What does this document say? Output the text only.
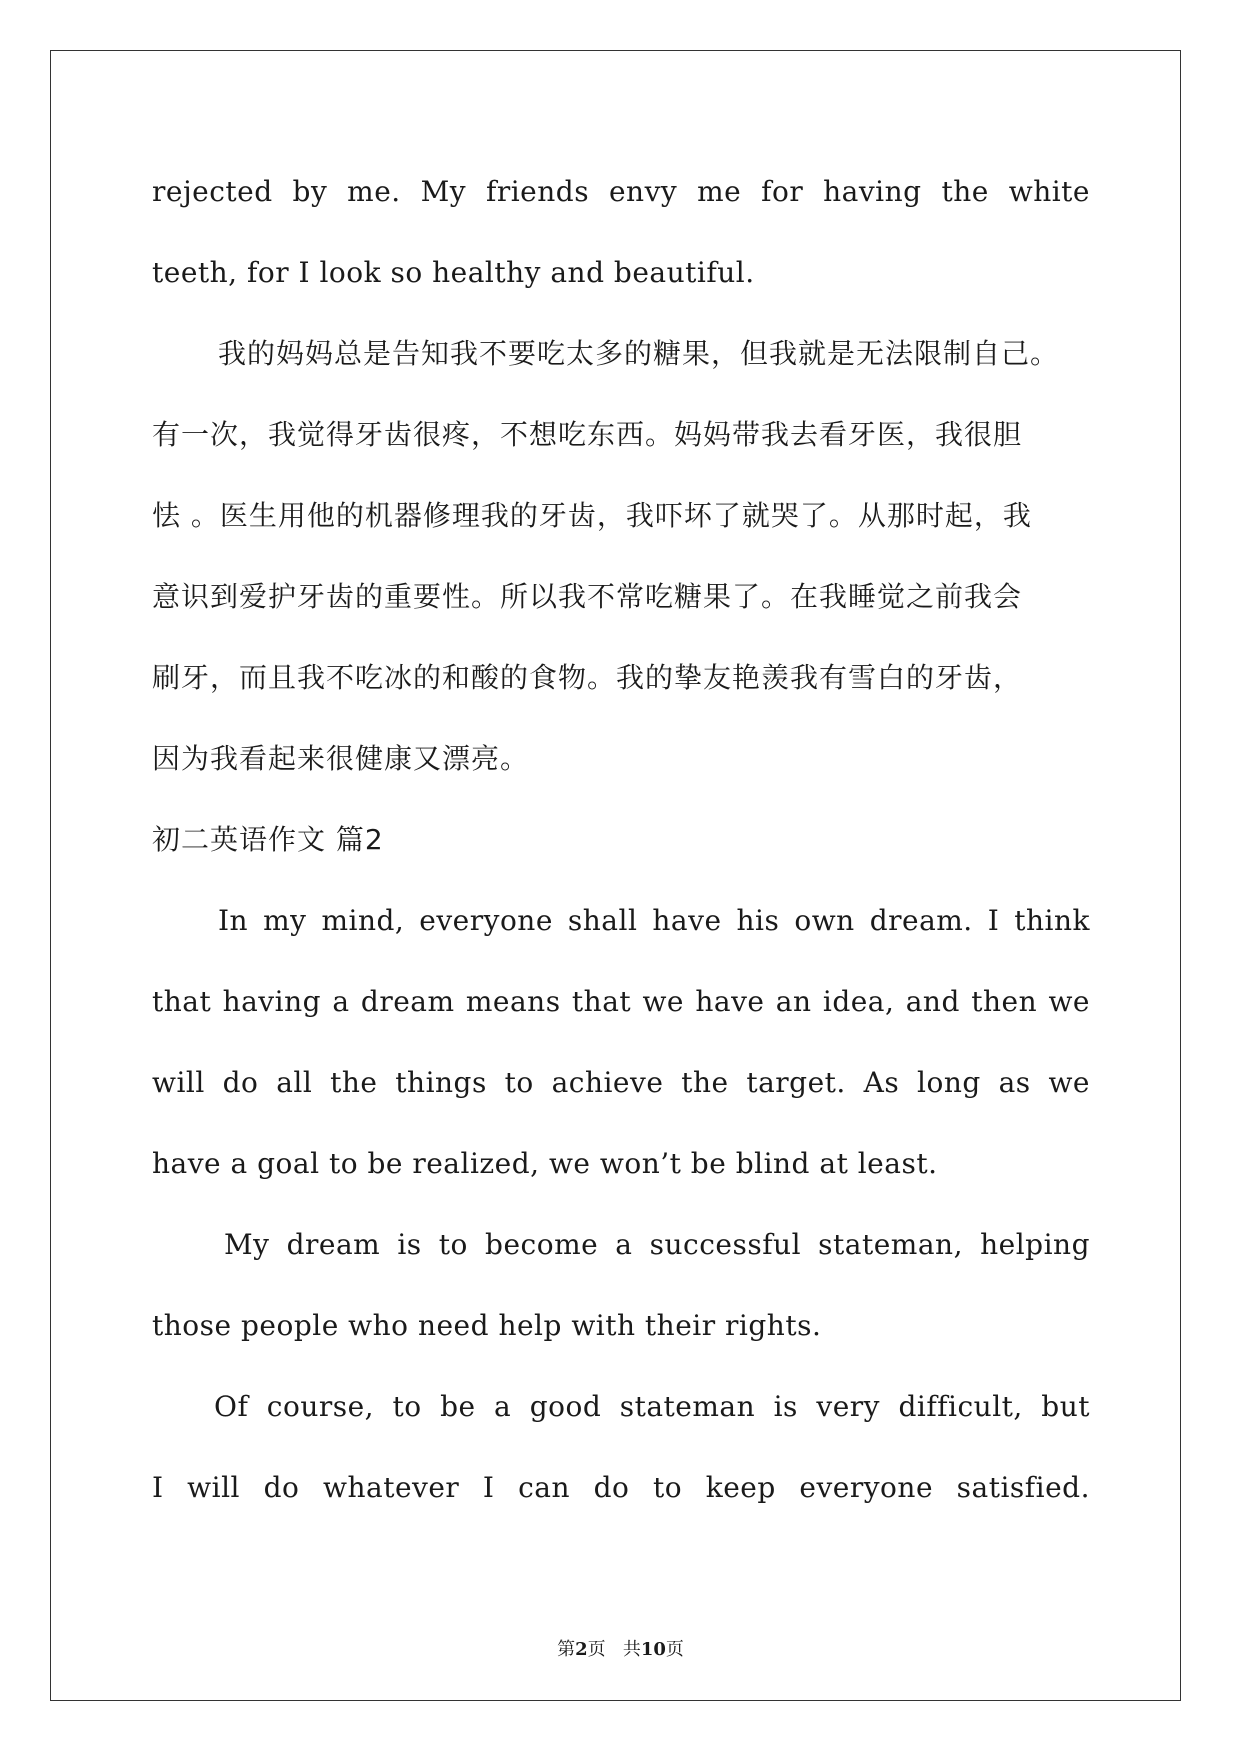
rejected by me. My friends envy me for having the white
teeth, for I look so healthy and beautiful.
我的妈妈总是告知我不要吃太多的糖果，但我就是无法限制自己。
有一次，我觉得牙齿很疼，不想吃东西。妈妈带我去看牙医，我很胆
怯 。医生用他的机器修理我的牙齿，我吓坏了就哭了。从那时起，我
意识到爱护牙齿的重要性。所以我不常吃糖果了。在我睡觉之前我会
刷牙，而且我不吃冰的和酸的食物。我的挚友艳羡我有雪白的牙齿，
因为我看起来很健康又漂亮。
初二英语作文 篇2
In my mind, everyone shall have his own dream. I think
that having a dream means that we have an idea, and then we
will do all the things to achieve the target. As long as we
have a goal to be realized, we won’t be blind at least.
My dream is to become a successful stateman, helping
those people who need help with their rights.
Of course, to be a good stateman is very difficult, but
I will do whatever I can do to keep everyone satisfied.
第2页 共10页
